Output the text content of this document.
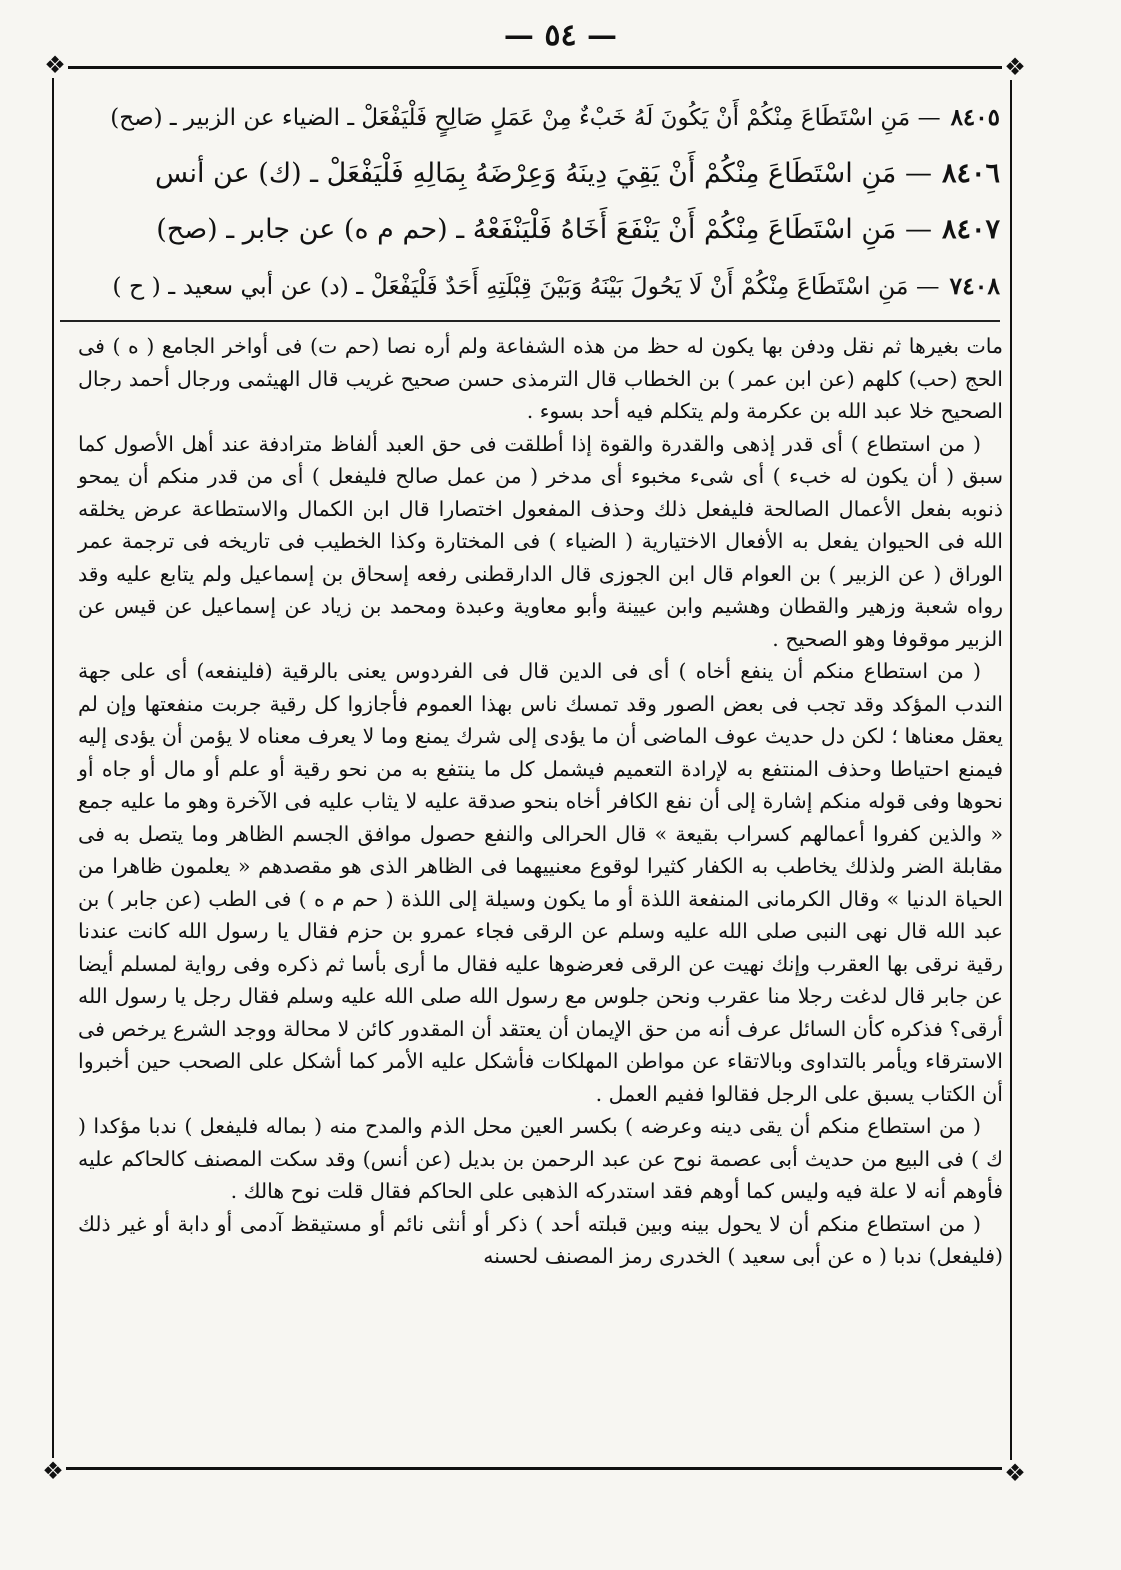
— ٥٤ —
❖	❖
❖	❖
٨٤٠٥— مَنِ اسْتَطَاعَ مِنْكُمْ أَنْ يَكُونَ لَهُ خَبْءٌ مِنْ عَمَلٍ صَالِحٍ فَلْيَفْعَلْ ـ الضياء عن الزبير ـ (صح)
٨٤٠٦— مَنِ اسْتَطَاعَ مِنْكُمْ أَنْ يَقِيَ دِينَهُ وَعِرْضَهُ بِمَالِهِ فَلْيَفْعَلْ ـ (ك) عن أنس
٨٤٠٧— مَنِ اسْتَطَاعَ مِنْكُمْ أَنْ يَنْفَعَ أَخَاهُ فَلْيَنْفَعْهُ ـ (حم م ه) عن جابر ـ (صح)
٧٤٠٨— مَنِ اسْتَطَاعَ مِنْكُمْ أَنْ لَا يَحُولَ بَيْنَهُ وَبَيْنَ قِبْلَتِهِ أَحَدٌ فَلْيَفْعَلْ ـ (د) عن أبي سعيد ـ ( ح )

مات بغيرها ثم نقل ودفن بها يكون له حظ من هذه الشفاعة ولم أره نصا (حم ت) فى أواخر الجامع ( ه ) فى الحج (حب) كلهم (عن ابن عمر ) بن الخطاب قال الترمذى حسن صحيح غريب قال الهيثمى ورجال أحمد رجال الصحيح خلا عبد الله بن عكرمة ولم يتكلم فيه أحد بسوء .

( من استطاع ) أى قدر إذهى والقدرة والقوة إذا أطلقت فى حق العبد ألفاظ مترادفة عند أهل الأصول كما سبق ( أن يكون له خبء ) أى شىء مخبوء أى مدخر ( من عمل صالح فليفعل ) أى من قدر منكم أن يمحو ذنوبه بفعل الأعمال الصالحة فليفعل ذلك وحذف المفعول اختصارا قال ابن الكمال والاستطاعة عرض يخلقه الله فى الحيوان يفعل به الأفعال الاختيارية ( الضياء ) فى المختارة وكذا الخطيب فى تاريخه فى ترجمة عمر الوراق ( عن الزبير ) بن العوام قال ابن الجوزى قال الدارقطنى رفعه إسحاق بن إسماعيل ولم يتابع عليه وقد رواه شعبة وزهير والقطان وهشيم وابن عيينة وأبو معاوية وعبدة ومحمد بن زياد عن إسماعيل عن قيس عن الزبير موقوفا وهو الصحيح .

( من استطاع منكم أن ينفع أخاه ) أى فى الدين قال فى الفردوس يعنى بالرقية (فلينفعه) أى على جهة الندب المؤكد وقد تجب فى بعض الصور وقد تمسك ناس بهذا العموم فأجازوا كل رقية جربت منفعتها وإن لم يعقل معناها ؛ لكن دل حديث عوف الماضى أن ما يؤدى إلى شرك يمنع وما لا يعرف معناه لا يؤمن أن يؤدى إليه فيمنع احتياطا وحذف المنتفع به لإرادة التعميم فيشمل كل ما ينتفع به من نحو رقية أو علم أو مال أو جاه أو نحوها وفى قوله منكم إشارة إلى أن نفع الكافر أخاه بنحو صدقة عليه لا يثاب عليه فى الآخرة وهو ما عليه جمع « والذين كفروا أعمالهم كسراب بقيعة » قال الحرالى والنفع حصول موافق الجسم الظاهر وما يتصل به فى مقابلة الضر ولذلك يخاطب به الكفار كثيرا لوقوع معنييهما فى الظاهر الذى هو مقصدهم « يعلمون ظاهرا من الحياة الدنيا » وقال الكرمانى المنفعة اللذة أو ما يكون وسيلة إلى اللذة ( حم م ه ) فى الطب (عن جابر ) بن عبد الله قال نهى النبى صلى الله عليه وسلم عن الرقى فجاء عمرو بن حزم فقال يا رسول الله كانت عندنا رقية نرقى بها العقرب وإنك نهيت عن الرقى فعرضوها عليه فقال ما أرى بأسا ثم ذكره وفى رواية لمسلم أيضا عن جابر قال لدغت رجلا منا عقرب ونحن جلوس مع رسول الله صلى الله عليه وسلم فقال رجل يا رسول الله أرقى؟ فذكره كأن السائل عرف أنه من حق الإيمان أن يعتقد أن المقدور كائن لا محالة ووجد الشرع يرخص فى الاسترقاء ويأمر بالتداوى وبالاتقاء عن مواطن المهلكات فأشكل عليه الأمر كما أشكل على الصحب حين أخبروا أن الكتاب يسبق على الرجل فقالوا ففيم العمل .

( من استطاع منكم أن يقى دينه وعرضه ) بكسر العين محل الذم والمدح منه ( بماله فليفعل ) ندبا مؤكدا ( ك ) فى البيع من حديث أبى عصمة نوح عن عبد الرحمن بن بديل (عن أنس) وقد سكت المصنف كالحاكم عليه فأوهم أنه لا علة فيه وليس كما أوهم فقد استدركه الذهبى على الحاكم فقال قلت نوح هالك .

( من استطاع منكم أن لا يحول بينه وبين قبلته أحد ) ذكر أو أنثى نائم أو مستيقظ آدمى أو دابة أو غير ذلك (فليفعل) ندبا ( ه عن أبى سعيد ) الخدرى رمز المصنف لحسنه
